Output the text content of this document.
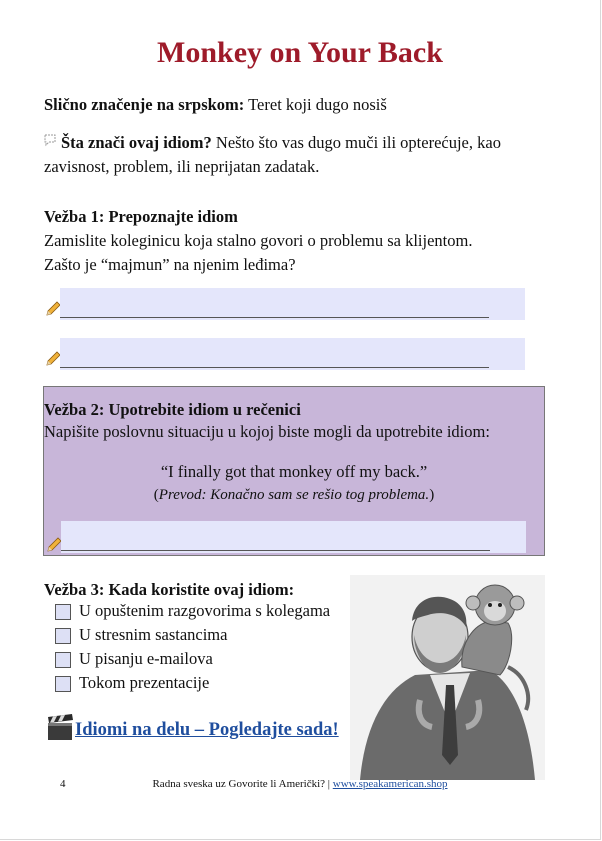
Monkey on Your Back
Slično značenje na srpskom: Teret koji dugo nosiš
Šta znači ovaj idiom? Nešto što vas dugo muči ili opterećuje, kao
zavisnost, problem, ili neprijatan zadatak.
Vežba 1: Prepoznajte idiom
Zamislite koleginicu koja stalno govori o problemu sa klijentom.
Zašto je “majmun” na njenim leđima?
Vežba 2: Upotrebite idiom u rečenici
Napišite poslovnu situaciju u kojoj biste mogli da upotrebite idiom:
“I finally got that monkey off my back.”
(Prevod: Konačno sam se rešio tog problema.)
Vežba 3: Kada koristite ovaj idiom:
U opuštenim razgovorima s kolegama
U stresnim sastancima
U pisanju e-mailova
Tokom prezentacije
Idiomi na delu – Pogledajte sada!
4	Radna sveska uz Govorite li Američki? | www.speakamerican.shop
